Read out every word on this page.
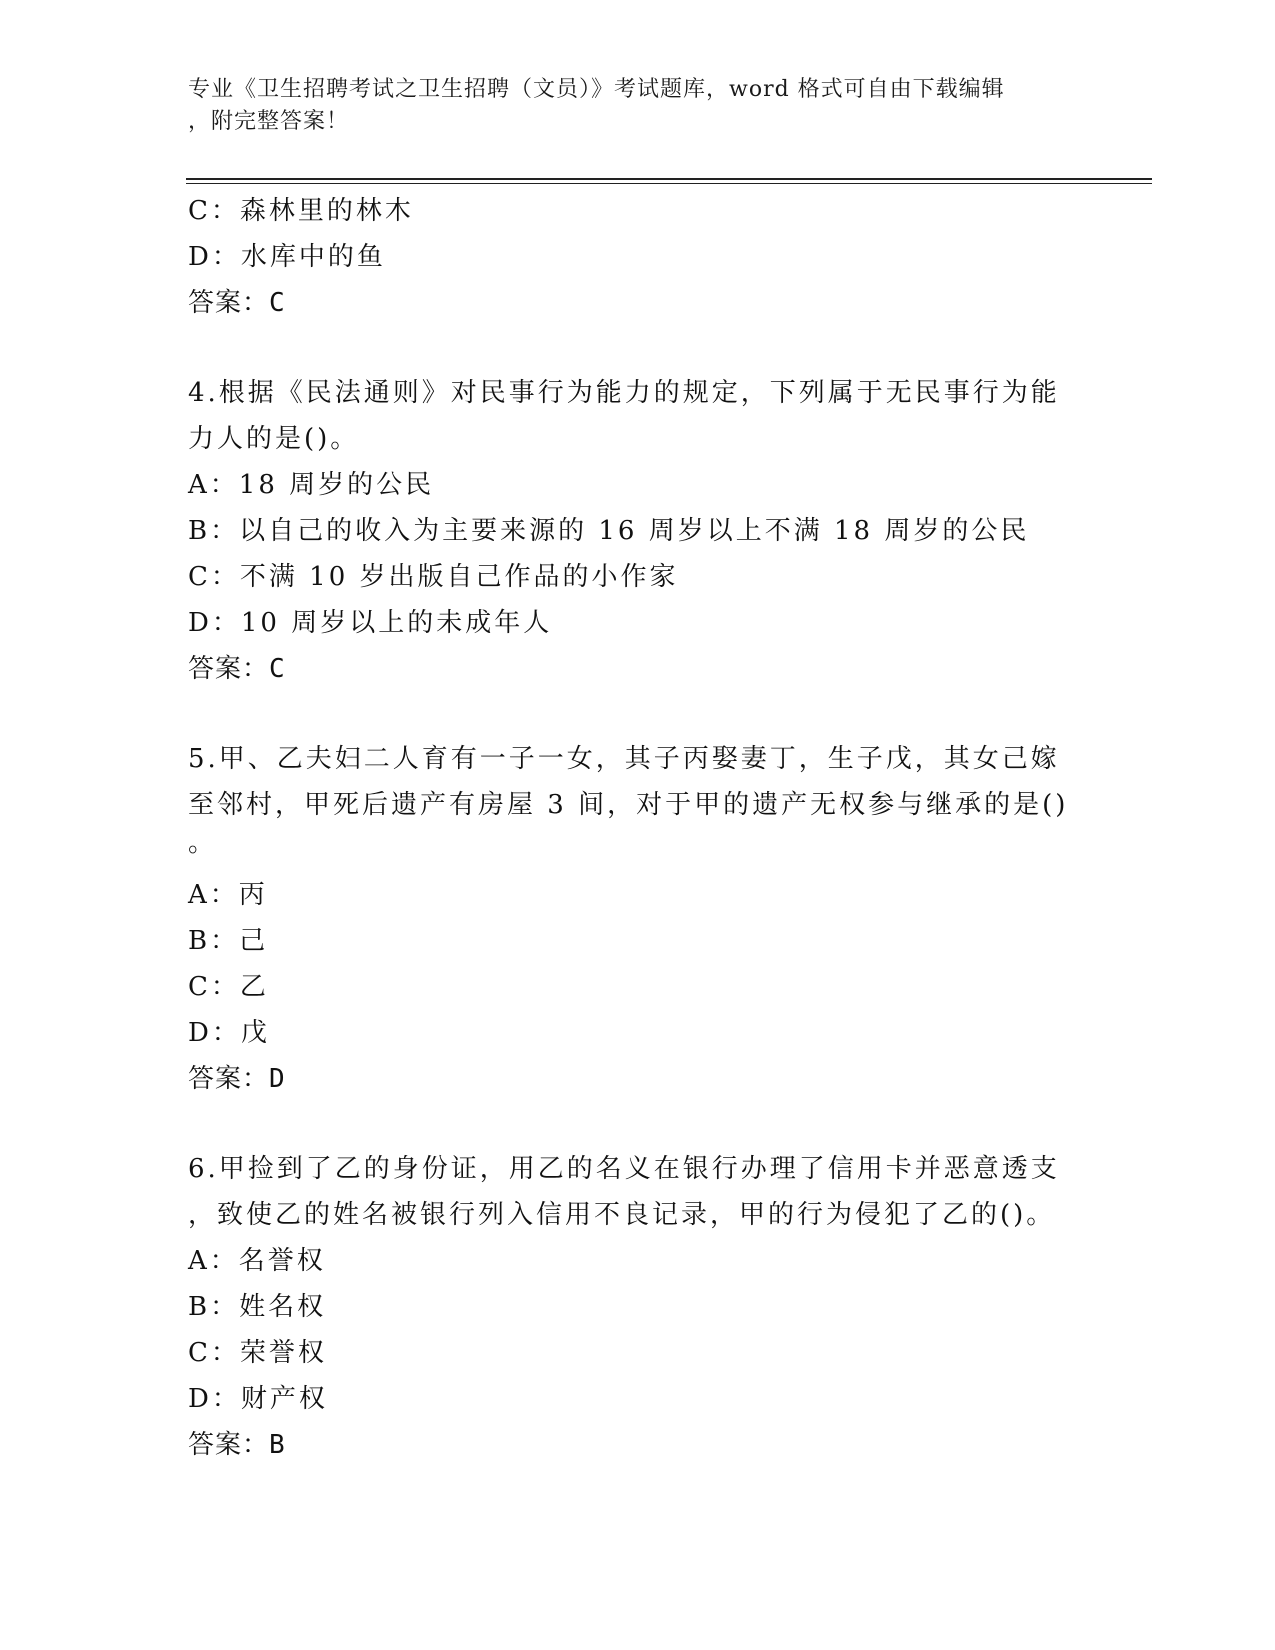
专业《卫生招聘考试之卫生招聘（文员）》考试题库，word 格式可自由下载编辑
，附完整答案！
C：森林里的林木
D：水库中的鱼
答案：C
4.根据《民法通则》对民事行为能力的规定，下列属于无民事行为能
力人的是()。
A：18 周岁的公民
B：以自己的收入为主要来源的 16 周岁以上不满 18 周岁的公民
C：不满 10 岁出版自己作品的小作家
D：10 周岁以上的未成年人
答案：C
5.甲、乙夫妇二人育有一子一女，其子丙娶妻丁，生子戊，其女己嫁
至邻村，甲死后遗产有房屋 3 间，对于甲的遗产无权参与继承的是()
。
A：丙
B：己
C：乙
D：戊
答案：D
6.甲捡到了乙的身份证，用乙的名义在银行办理了信用卡并恶意透支
，致使乙的姓名被银行列入信用不良记录，甲的行为侵犯了乙的()。
A：名誉权
B：姓名权
C：荣誉权
D：财产权
答案：B
